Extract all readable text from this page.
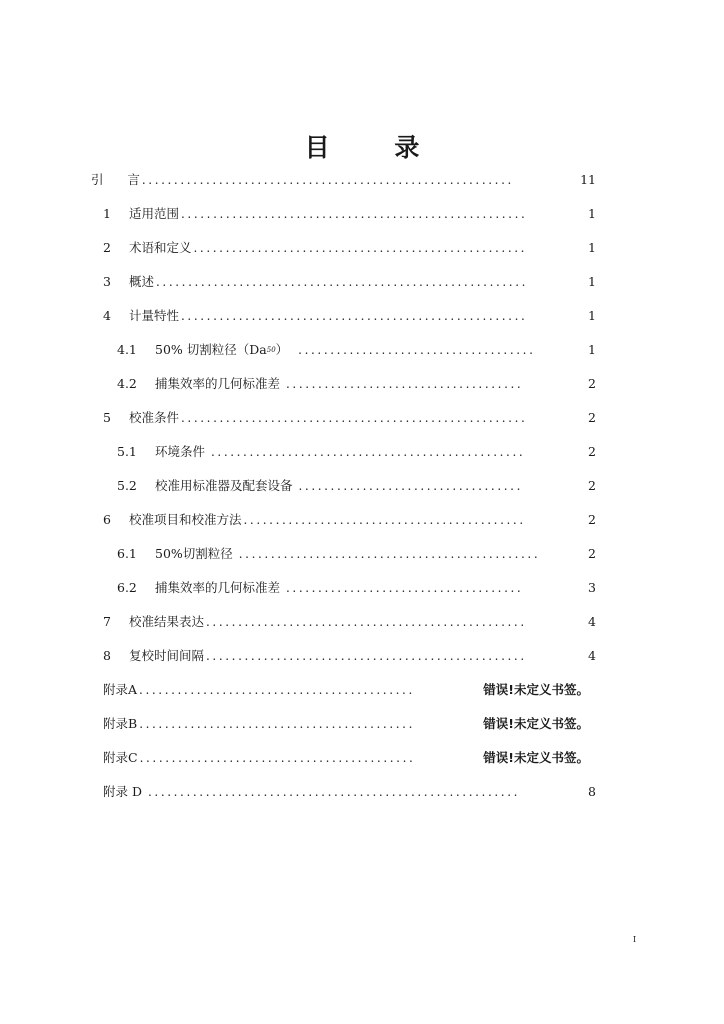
目 录
引 言 ..........................................................	11
1	适用范围 ......................................................	1
2	术语和定义 ....................................................	1
3	概述 ..........................................................	1
4	计量特性 ......................................................	1
4.1	50% 切割粒径（Da 50 ） .....................................	1
4.2	捕集效率的几何标准差 .....................................	2
5	校准条件 ......................................................	2
5.1	环境条件 .................................................	2
5.2	校准用标准器及配套设备 ...................................	2
6	校准项目和校准方法 ............................................	2
6.1	50%切割粒径 ...............................................	2
6.2	捕集效率的几何标准差 .....................................	3
7	校准结果表达 ..................................................	4
8	复校时间间隔 ..................................................	4
附录A ...........................................	错误!未定义书签。
附录B ...........................................	错误!未定义书签。
附录C ...........................................	错误!未定义书签。
附录 D ..........................................................	8
I
